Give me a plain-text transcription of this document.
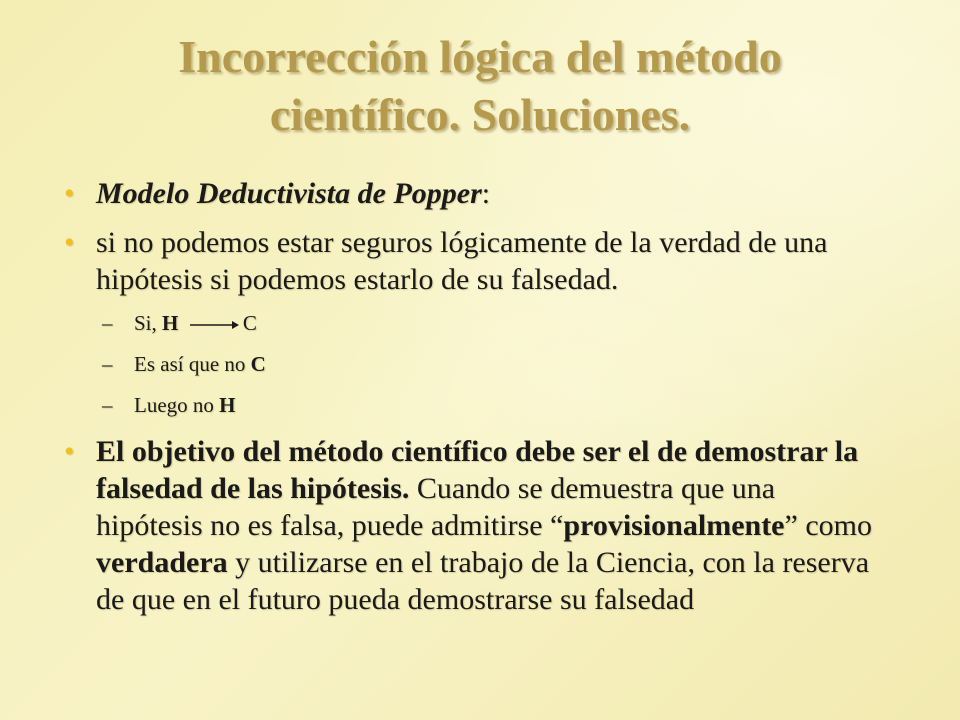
Incorrección lógica del método
científico. Soluciones.
• Modelo Deductivista de Popper:
• si no podemos estar seguros lógicamente de la verdad de una hipótesis si podemos estarlo de su falsedad.
– Si, H	C
– Es así que no C
– Luego no H
• El objetivo del método científico debe ser el de demostrar la falsedad de las hipótesis. Cuando se demuestra que una hipótesis no es falsa, puede admitirse “provisionalmente” como verdadera y utilizarse en el trabajo de la Ciencia, con la reserva de que en el futuro pueda demostrarse su falsedad
